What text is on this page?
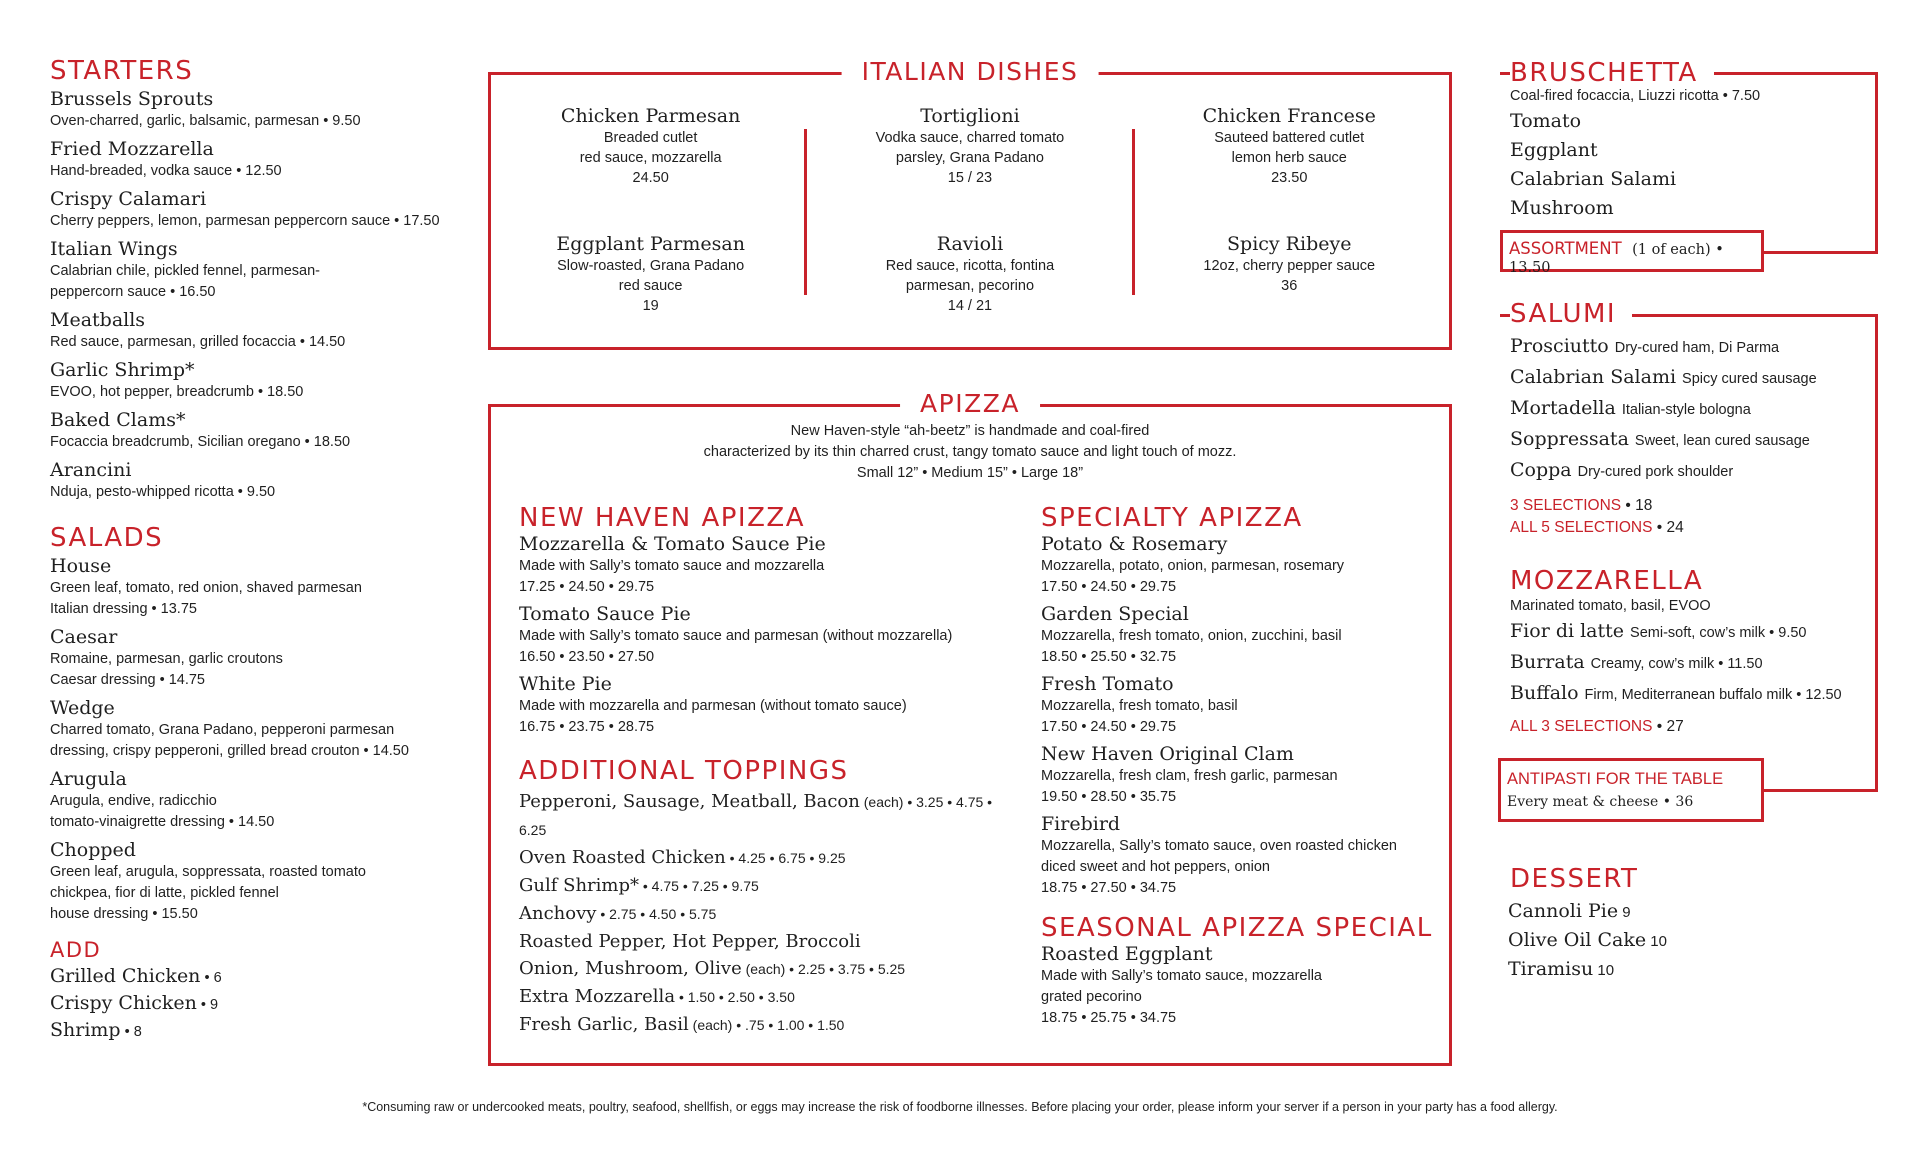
STARTERS
Brussels Sprouts
Oven-charred, garlic, balsamic, parmesan • 9.50
Fried Mozzarella
Hand-breaded, vodka sauce • 12.50
Crispy Calamari
Cherry peppers, lemon, parmesan peppercorn sauce • 17.50
Italian Wings
Calabrian chile, pickled fennel, parmesan-
peppercorn sauce • 16.50
Meatballs
Red sauce, parmesan, grilled focaccia • 14.50
Garlic Shrimp*
EVOO, hot pepper, breadcrumb • 18.50
Baked Clams*
Focaccia breadcrumb, Sicilian oregano • 18.50
Arancini
Nduja, pesto-whipped ricotta • 9.50
SALADS
House
Green leaf, tomato, red onion, shaved parmesan
Italian dressing • 13.75
Caesar
Romaine, parmesan, garlic croutons
Caesar dressing • 14.75
Wedge
Charred tomato, Grana Padano, pepperoni parmesan
dressing, crispy pepperoni, grilled bread crouton • 14.50
Arugula
Arugula, endive, radicchio
tomato-vinaigrette dressing • 14.50
Chopped
Green leaf, arugula, soppressata, roasted tomato
chickpea, fior di latte, pickled fennel
house dressing • 15.50
ADD
Grilled Chicken • 6
Crispy Chicken • 9
Shrimp • 8
ITALIAN DISHES
Chicken Parmesan
Breaded cutlet
red sauce, mozzarella
24.50
Eggplant Parmesan
Slow-roasted, Grana Padano
red sauce
19
Tortiglioni
Vodka sauce, charred tomato
parsley, Grana Padano
15 / 23
Ravioli
Red sauce, ricotta, fontina
parmesan, pecorino
14 / 21
Chicken Francese
Sauteed battered cutlet
lemon herb sauce
23.50
Spicy Ribeye
12oz, cherry pepper sauce
36
APIZZA
New Haven-style “ah-beetz” is handmade and coal-fired
characterized by its thin charred crust, tangy tomato sauce and light touch of mozz.
Small 12” • Medium 15” • Large 18”
NEW HAVEN APIZZA
Mozzarella & Tomato Sauce Pie
Made with Sally’s tomato sauce and mozzarella
17.25 • 24.50 • 29.75
Tomato Sauce Pie
Made with Sally’s tomato sauce and parmesan (without mozzarella)
16.50 • 23.50 • 27.50
White Pie
Made with mozzarella and parmesan (without tomato sauce)
16.75 • 23.75 • 28.75
ADDITIONAL TOPPINGS
Pepperoni, Sausage, Meatball, Bacon (each) • 3.25 • 4.75 • 6.25
Oven Roasted Chicken • 4.25 • 6.75 • 9.25
Gulf Shrimp* • 4.75 • 7.25 • 9.75
Anchovy • 2.75 • 4.50 • 5.75
Roasted Pepper, Hot Pepper, Broccoli
Onion, Mushroom, Olive (each) • 2.25 • 3.75 • 5.25
Extra Mozzarella • 1.50 • 2.50 • 3.50
Fresh Garlic, Basil (each) • .75 • 1.00 • 1.50
SPECIALTY APIZZA
Potato & Rosemary
Mozzarella, potato, onion, parmesan, rosemary
17.50 • 24.50 • 29.75
Garden Special
Mozzarella, fresh tomato, onion, zucchini, basil
18.50 • 25.50 • 32.75
Fresh Tomato
Mozzarella, fresh tomato, basil
17.50 • 24.50 • 29.75
New Haven Original Clam
Mozzarella, fresh clam, fresh garlic, parmesan
19.50 • 28.50 • 35.75
Firebird
Mozzarella, Sally’s tomato sauce, oven roasted chicken
diced sweet and hot peppers, onion
18.75 • 27.50 • 34.75
SEASONAL APIZZA SPECIAL
Roasted Eggplant
Made with Sally’s tomato sauce, mozzarella
grated pecorino
18.75 • 25.75 • 34.75
BRUSCHETTA
Coal-fired focaccia, Liuzzi ricotta • 7.50
Tomato
Eggplant
Calabrian Salami
Mushroom
ASSORTMENT (1 of each) • 13.50
SALUMI
Prosciutto Dry-cured ham, Di Parma
Calabrian Salami Spicy cured sausage
Mortadella Italian-style bologna
Soppressata Sweet, lean cured sausage
Coppa Dry-cured pork shoulder
3 SELECTIONS • 18
ALL 5 SELECTIONS • 24
MOZZARELLA
Marinated tomato, basil, EVOO
Fior di latte Semi-soft, cow’s milk • 9.50
Burrata Creamy, cow’s milk • 11.50
Buffalo Firm, Mediterranean buffalo milk • 12.50
ALL 3 SELECTIONS • 27
ANTIPASTI FOR THE TABLE
Every meat & cheese • 36
DESSERT
Cannoli Pie 9
Olive Oil Cake 10
Tiramisu 10
*Consuming raw or undercooked meats, poultry, seafood, shellfish, or eggs may increase the risk of foodborne illnesses. Before placing your order, please inform your server if a person in your party has a food allergy.
